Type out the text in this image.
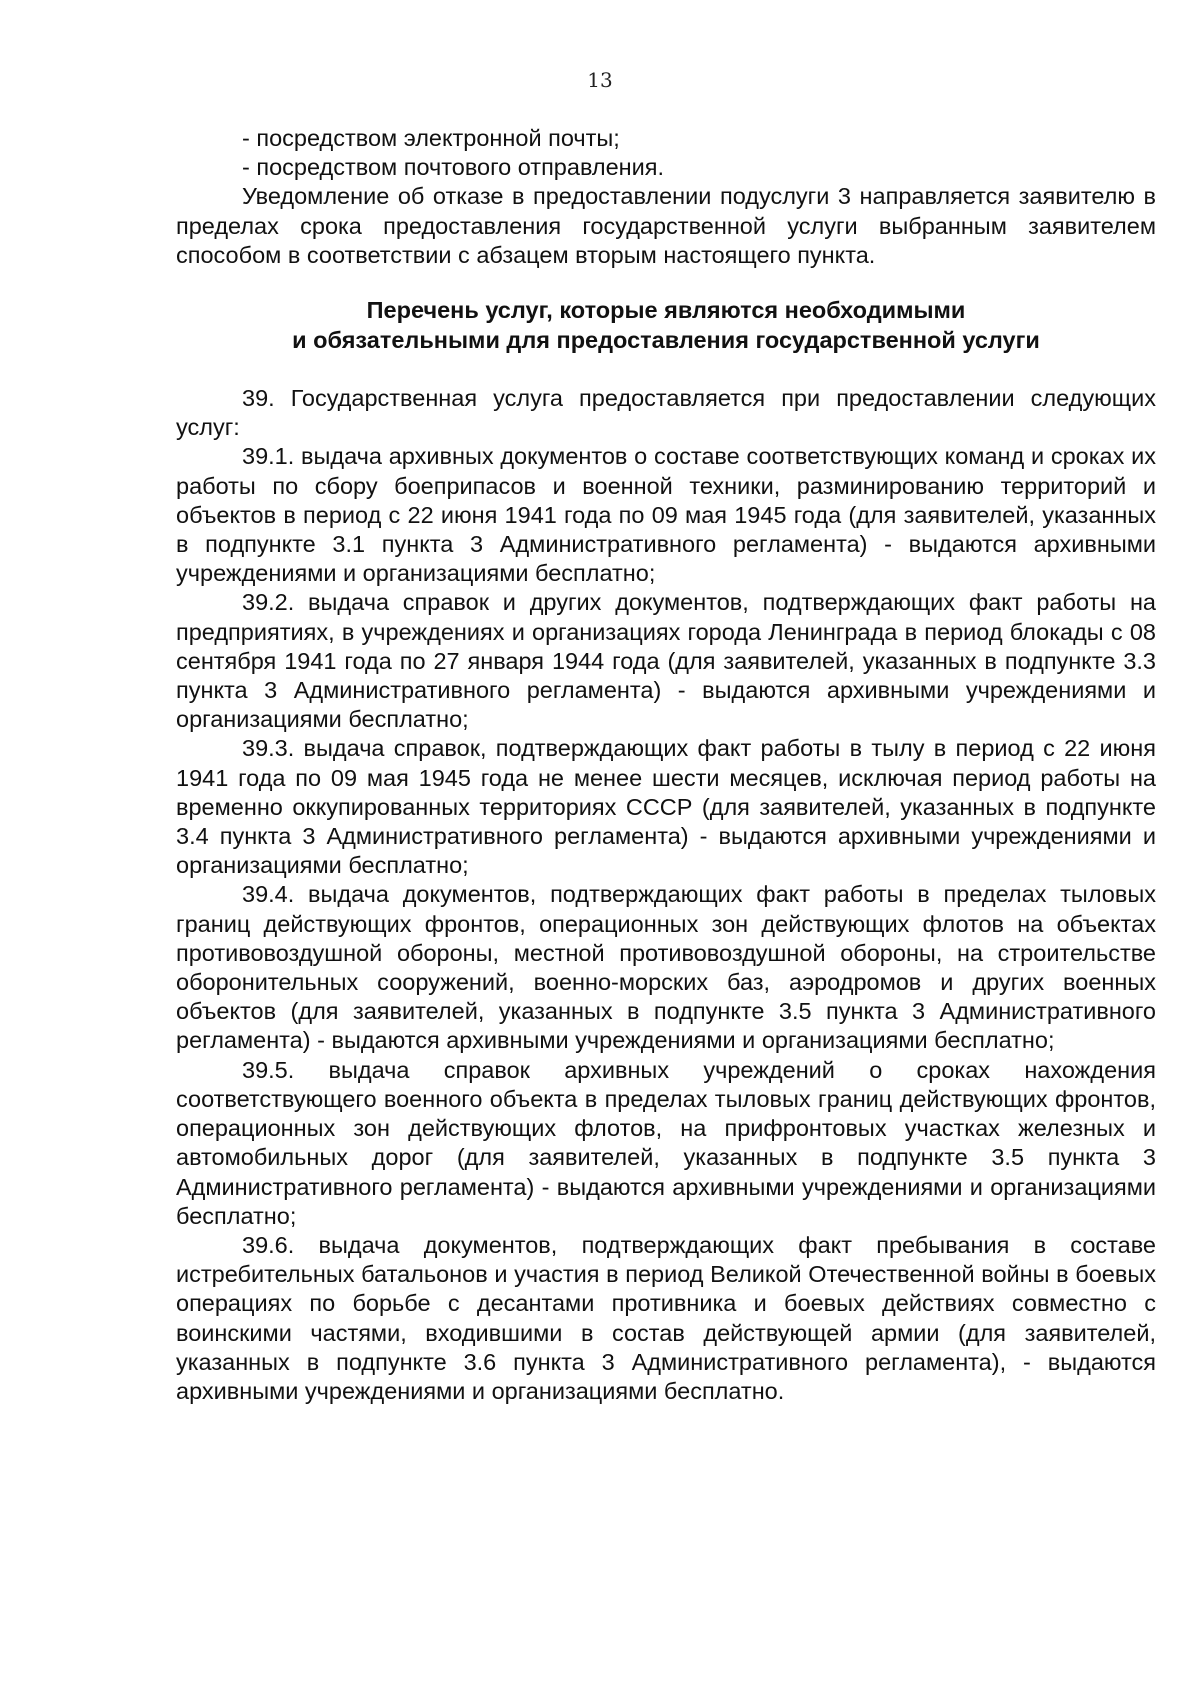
13

- посредством электронной почты;

- посредством почтового отправления.

Уведомление об отказе в предоставлении подуслуги 3 направляется заявителю в пределах срока предоставления государственной услуги выбранным заявителем способом в соответствии с абзацем вторым настоящего пункта.

Перечень услуг, которые являются необходимыми
и обязательными для предоставления государственной услуги

39. Государственная услуга предоставляется при предоставлении следующих услуг:

39.1. выдача архивных документов о составе соответствующих команд и сроках их работы по сбору боеприпасов и военной техники, разминированию территорий и объектов в период с 22 июня 1941 года по 09 мая 1945 года (для заявителей, указанных в подпункте 3.1 пункта 3 Административного регламента) - выдаются архивными учреждениями и организациями бесплатно;

39.2. выдача справок и других документов, подтверждающих факт работы на предприятиях, в учреждениях и организациях города Ленинграда в период блокады с 08 сентября 1941 года по 27 января 1944 года (для заявителей, указанных в подпункте 3.3 пункта 3 Административного регламента) - выдаются архивными учреждениями и организациями бесплатно;

39.3. выдача справок, подтверждающих факт работы в тылу в период с 22 июня 1941 года по 09 мая 1945 года не менее шести месяцев, исключая период работы на временно оккупированных территориях СССР (для заявителей, указанных в подпункте 3.4 пункта 3 Административного регламента) - выдаются архивными учреждениями и организациями бесплатно;

39.4. выдача документов, подтверждающих факт работы в пределах тыловых границ действующих фронтов, операционных зон действующих флотов на объектах противовоздушной обороны, местной противовоздушной обороны, на строительстве оборонительных сооружений, военно-морских баз, аэродромов и других военных объектов (для заявителей, указанных в подпункте 3.5 пункта 3 Административного регламента) - выдаются архивными учреждениями и организациями бесплатно;

39.5. выдача справок архивных учреждений о сроках нахождения соответствующего военного объекта в пределах тыловых границ действующих фронтов, операционных зон действующих флотов, на прифронтовых участках железных и автомобильных дорог (для заявителей, указанных в подпункте 3.5 пункта 3 Административного регламента) - выдаются архивными учреждениями и организациями бесплатно;

39.6. выдача документов, подтверждающих факт пребывания в составе истребительных батальонов и участия в период Великой Отечественной войны в боевых операциях по борьбе с десантами противника и боевых действиях совместно с воинскими частями, входившими в состав действующей армии (для заявителей, указанных в подпункте 3.6 пункта 3 Административного регламента), - выдаются архивными учреждениями и организациями бесплатно.
